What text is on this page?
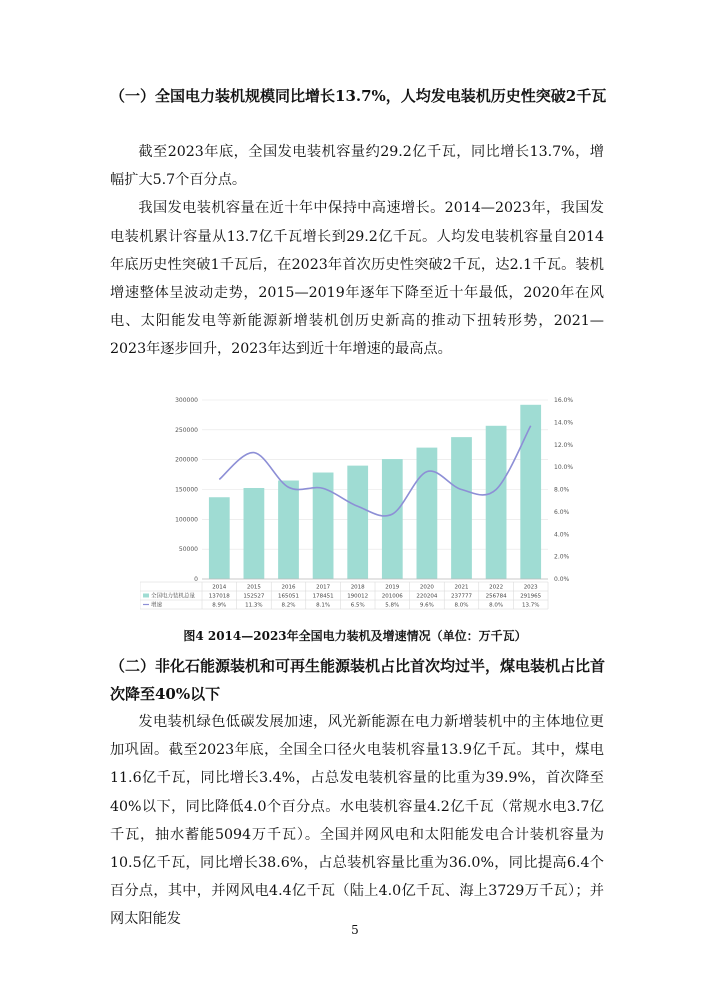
（一）全国电力装机规模同比增长13.7%，人均发电装机历史性突破2千瓦

截至2023年底，全国发电装机容量约29.2亿千瓦，同比增长13.7%，增幅扩大5.7个百分点。

我国发电装机容量在近十年中保持中高速增长。2014—2023年，我国发电装机累计容量从13.7亿千瓦增长到29.2亿千瓦。人均发电装机容量自2014年底历史性突破1千瓦后，在2023年首次历史性突破2千瓦，达2.1千瓦。装机增速整体呈波动走势，2015—2019年逐年下降至近十年最低，2020年在风电、太阳能发电等新能源新增装机创历史新高的推动下扭转形势，2021—2023年逐步回升，2023年达到近十年增速的最高点。

0
50000
100000
150000
200000
250000
300000
0.0%
2.0%
4.0%
6.0%
8.0%
10.0%
12.0%
14.0%
16.0%
2014
137018
8.9%
2015
152527
11.3%
2016
165051
8.2%
2017
178451
8.1%
2018
190012
6.5%
2019
201006
5.8%
2020
220204
9.6%
2021
237777
8.0%
2022
256784
8.0%
2023
291965
13.7%
全国电力装机总量
增速
图4 2014—2023年全国电力装机及增速情况（单位：万千瓦）
（二）非化石能源装机和可再生能源装机占比首次均过半，煤电装机占比首次降至40%以下

发电装机绿色低碳发展加速，风光新能源在电力新增装机中的主体地位更加巩固。截至2023年底，全国全口径火电装机容量13.9亿千瓦。其中，煤电11.6亿千瓦，同比增长3.4%，占总发电装机容量的比重为39.9%，首次降至40%以下，同比降低4.0个百分点。水电装机容量4.2亿千瓦（常规水电3.7亿千瓦，抽水蓄能5094万千瓦）。全国并网风电和太阳能发电合计装机容量为10.5亿千瓦，同比增长38.6%，占总装机容量比重为36.0%，同比提高6.4个百分点，其中，并网风电4.4亿千瓦（陆上4.0亿千瓦、海上3729万千瓦）；并网太阳能发

5
